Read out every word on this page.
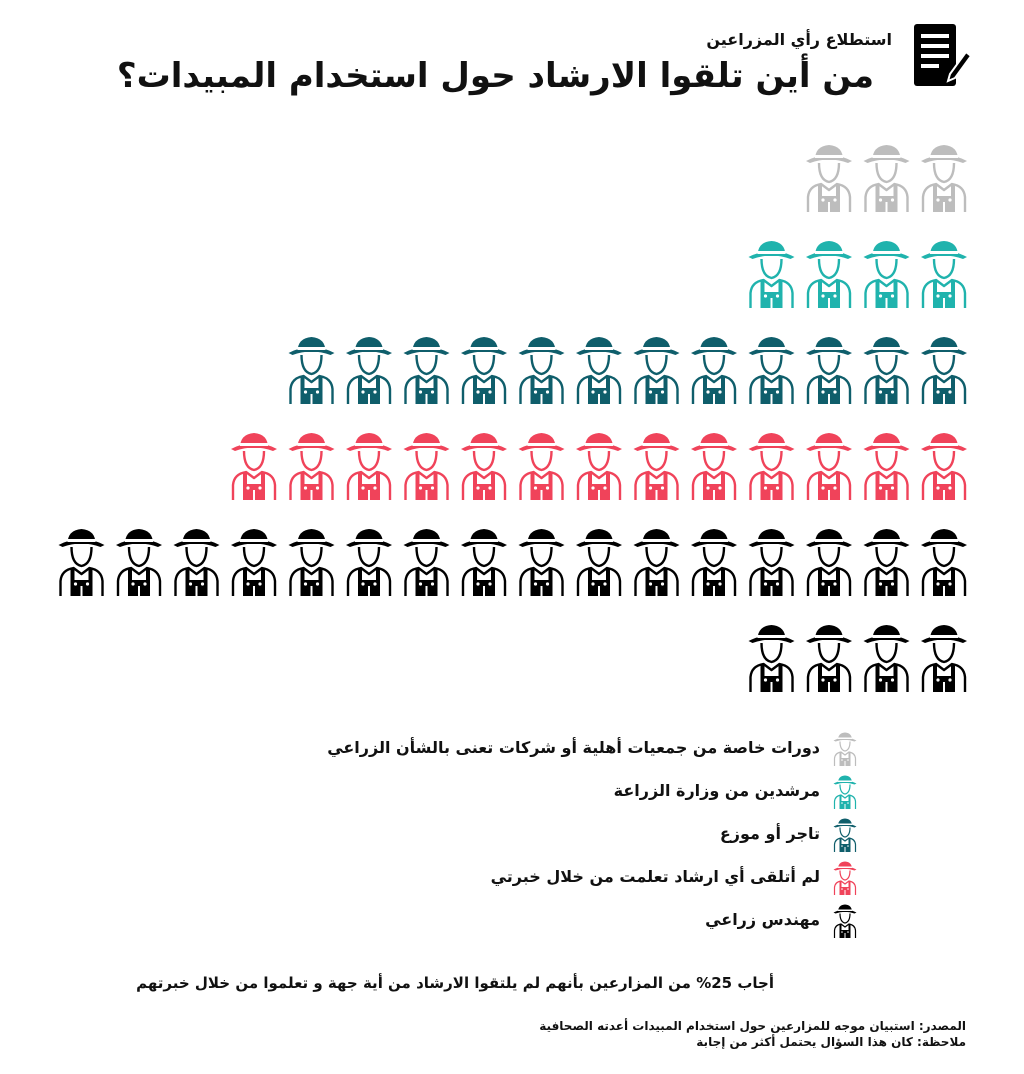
استطلاع رأي المزراعين

من أين تلقوا الارشاد حول استخدام المبيدات؟
دورات خاصة من جمعيات أهلية أو شركات تعنى بالشأن الزراعي
مرشدين من وزارة الزراعة
تاجر أو موزع
لم أتلقى أي ارشاد تعلمت من خلال خبرتي
مهندس زراعي

أجاب 25% من المزارعين بأنهم لم يلتقوا الارشاد من أية جهة و تعلموا من خلال خبرتهم

المصدر: استبيان موجه للمزارعين حول استخدام المبيدات أعدته الصحافية
ملاحظة: كان هذا السؤال يحتمل أكثر من إجابة
